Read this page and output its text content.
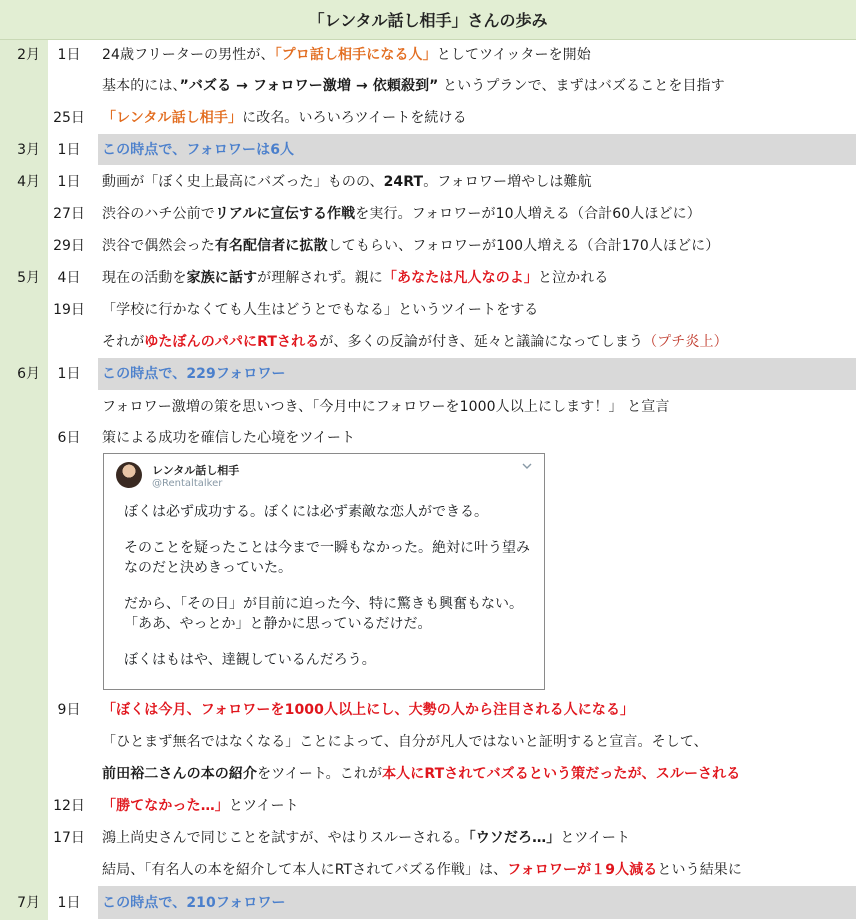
「レンタル話し相手」さんの歩み
2月	1日	24歳フリーターの男性が、「プロ話し相手になる人」としてツイッターを開始
基本的には、”バズる → フォロワー激増 → 依頼殺到” というプランで、まずはバズることを目指す
25日	「レンタル話し相手」に改名。いろいろツイートを続ける
3月	1日	この時点で、フォロワーは6人
4月	1日	動画が「ぼく史上最高にバズった」ものの、24RT。フォロワー増やしは難航
27日	渋谷のハチ公前でリアルに宣伝する作戦を実行。フォロワーが10人増える（合計60人ほどに）
29日	渋谷で偶然会った有名配信者に拡散してもらい、フォロワーが100人増える（合計170人ほどに）
5月	4日	現在の活動を家族に話すが理解されず。親に「あなたは凡人なのよ」と泣かれる
19日	「学校に行かなくても人生はどうとでもなる」というツイートをする
それがゆたぼんのパパにRTされるが、多くの反論が付き、延々と議論になってしまう（プチ炎上）
6月	1日	この時点で、229フォロワー
フォロワー激増の策を思いつき、「今月中にフォロワーを1000人以上にします！」 と宣言
6日	策による成功を確信した心境をツイート
9日	「ぼくは今月、フォロワーを1000人以上にし、大勢の人から注目される人になる」
「ひとまず無名ではなくなる」ことによって、自分が凡人ではないと証明すると宣言。そして、
前田裕二さんの本の紹介をツイート。これが本人にRTされてバズるという策だったが、スルーされる
12日	「勝てなかった…」とツイート
17日	鴻上尚史さんで同じことを試すが、やはりスルーされる。「ウソだろ…」とツイート
結局、「有名人の本を紹介して本人にRTされてバズる作戦」は、フォロワーが１9人減るという結果に
7月	1日	この時点で、210フォロワー
レンタル話し相手
@Rentaltalker

ぼくは必ず成功する。ぼくには必ず素敵な恋人ができる。

そのことを疑ったことは今まで一瞬もなかった。絶対に叶う望みなのだと決めきっていた。

だから、「その日」が目前に迫った今、特に驚きも興奮もない。「ああ、やっとか」と静かに思っているだけだ。

ぼくはもはや、達観しているんだろう。
